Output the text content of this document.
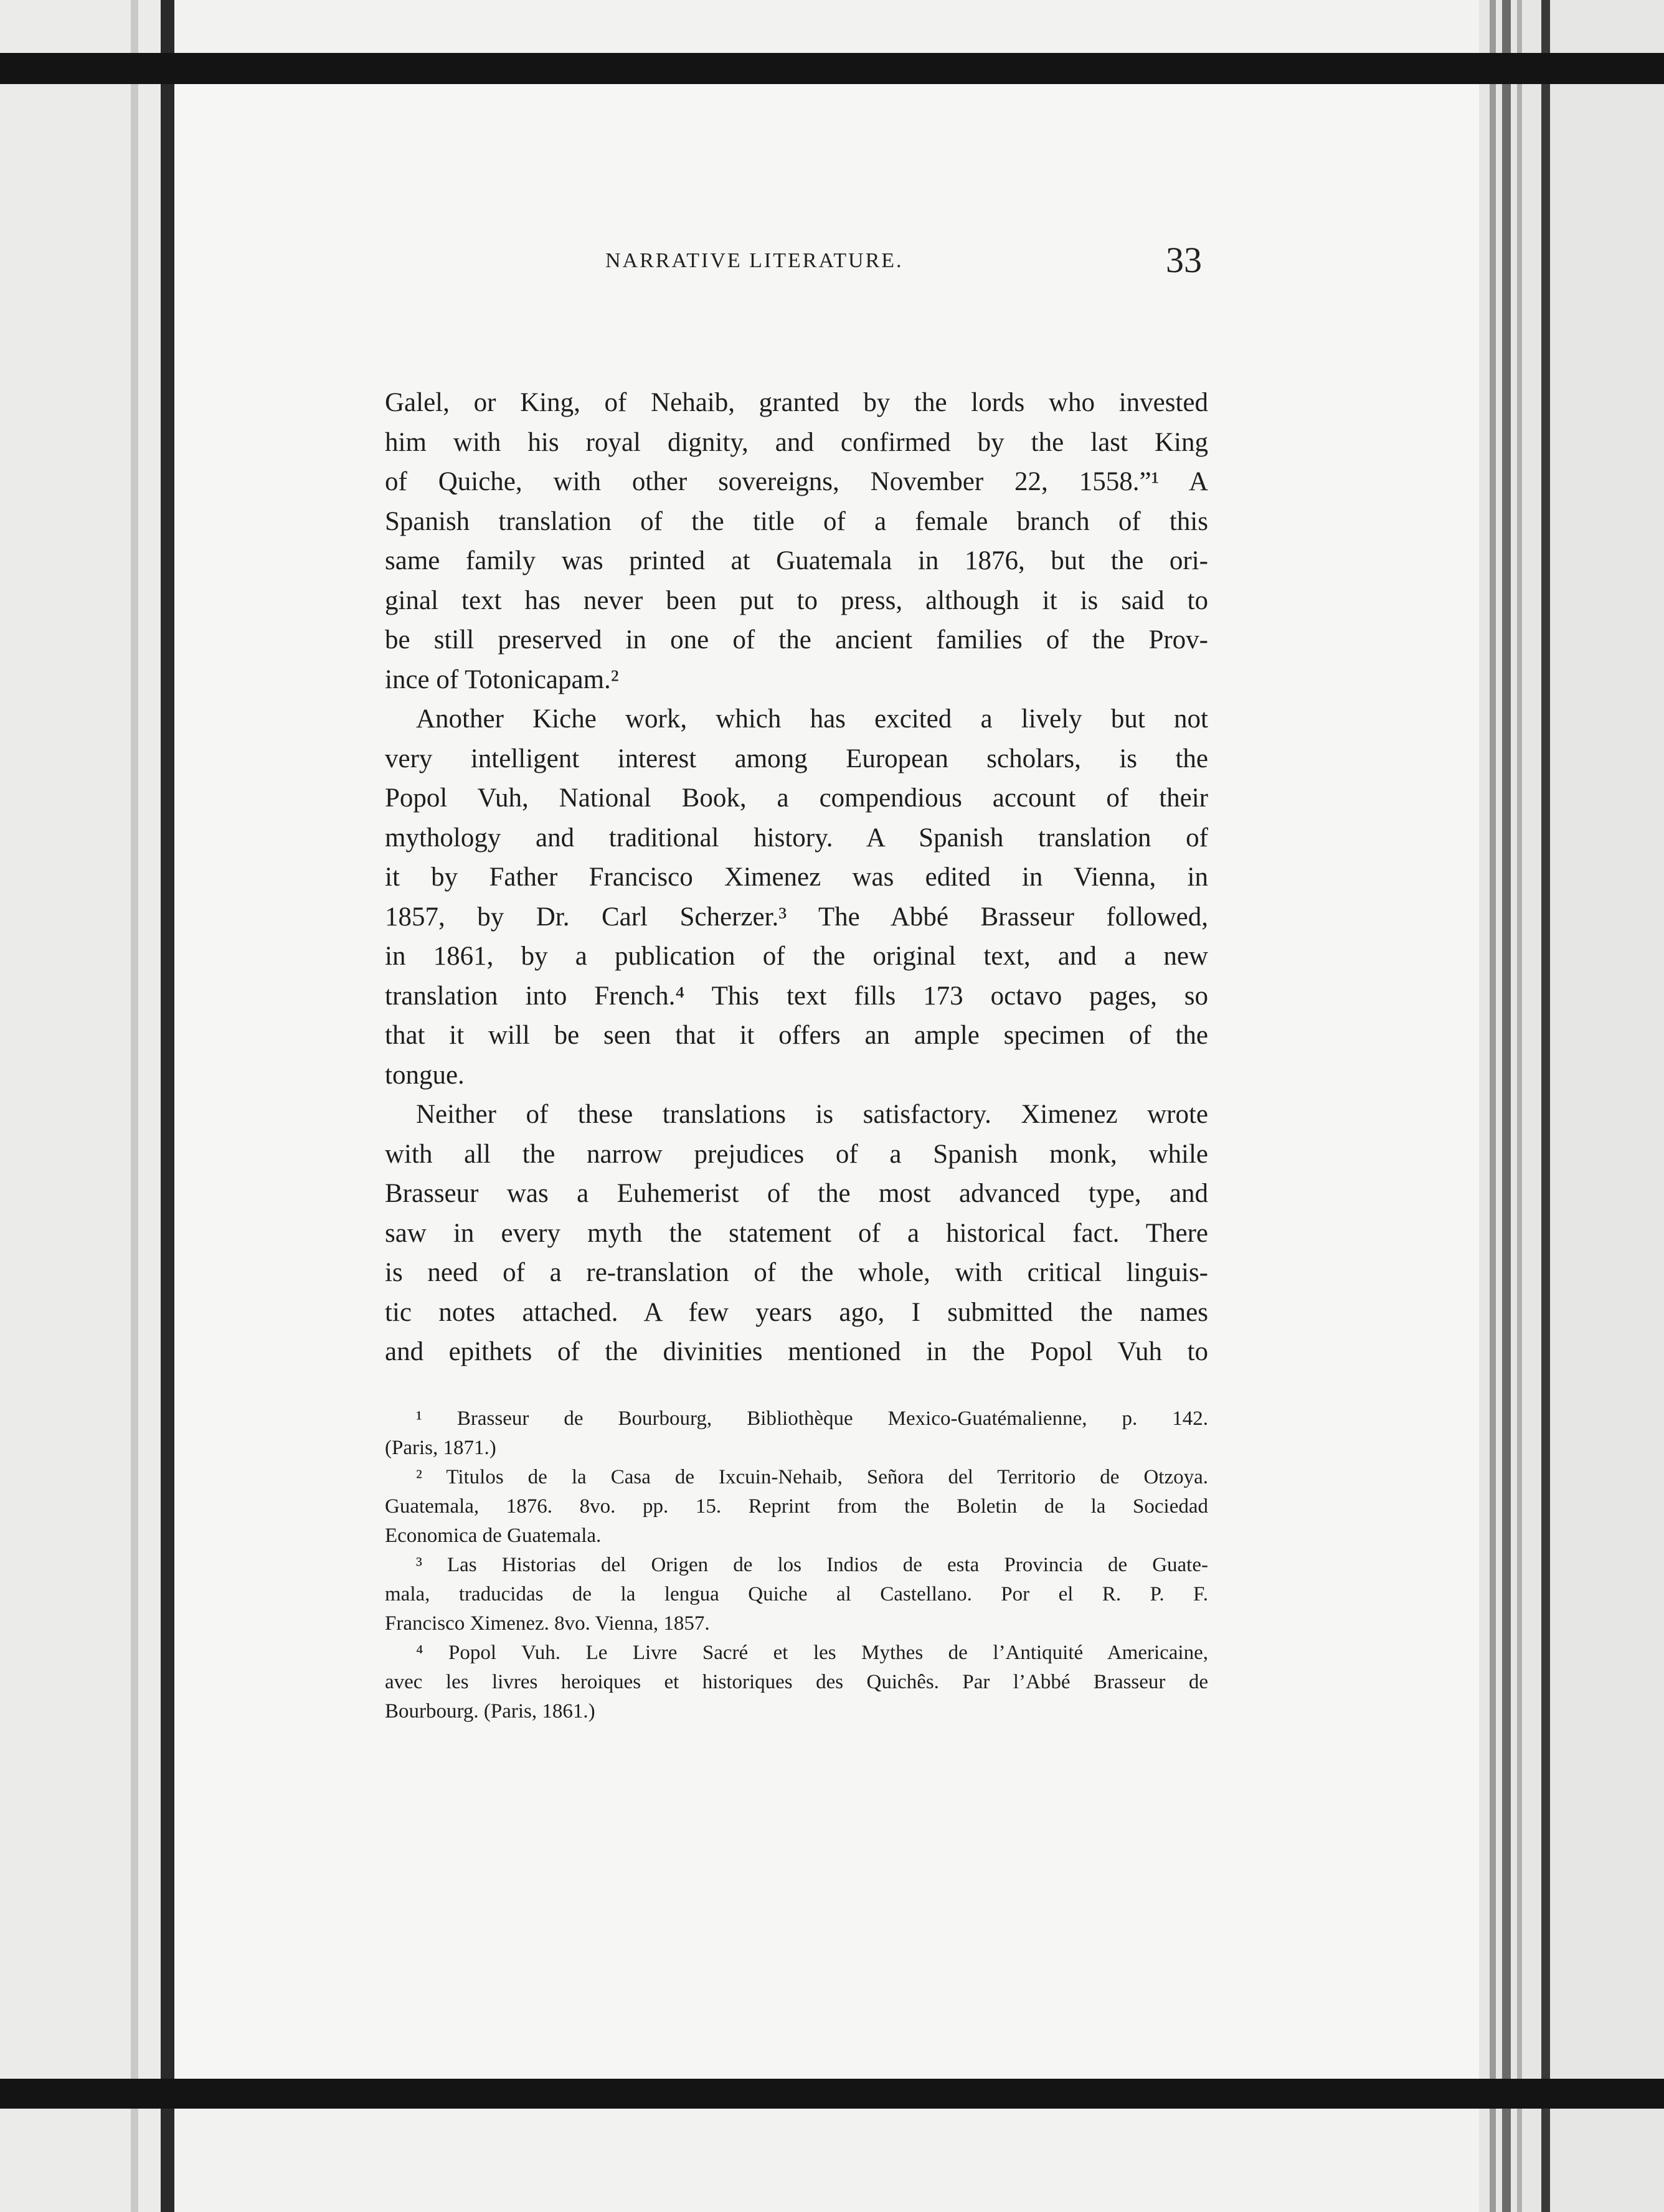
NARRATIVE LITERATURE.	33

Galel, or King, of Nehaib, granted by the lords who invested
him with his royal dignity, and confirmed by the last King
of Quiche, with other sovereigns, November 22, 1558.”¹ A
Spanish translation of the title of a female branch of this
same family was printed at Guatemala in 1876, but the ori-
ginal text has never been put to press, although it is said to
be still preserved in one of the ancient families of the Prov-
ince of Totonicapam.²

Another Kiche work, which has excited a lively but not
very intelligent interest among European scholars, is the
Popol Vuh, National Book, a compendious account of their
mythology and traditional history. A Spanish translation of
it by Father Francisco Ximenez was edited in Vienna, in
1857, by Dr. Carl Scherzer.³ The Abbé Brasseur followed,
in 1861, by a publication of the original text, and a new
translation into French.⁴ This text fills 173 octavo pages, so
that it will be seen that it offers an ample specimen of the
tongue.

Neither of these translations is satisfactory. Ximenez wrote
with all the narrow prejudices of a Spanish monk, while
Brasseur was a Euhemerist of the most advanced type, and
saw in every myth the statement of a historical fact. There
is need of a re-translation of the whole, with critical linguis-
tic notes attached. A few years ago, I submitted the names
and epithets of the divinities mentioned in the Popol Vuh to

¹ Brasseur de Bourbourg, Bibliothèque Mexico-Guatémalienne, p. 142.
(Paris, 1871.)
² Titulos de la Casa de Ixcuin-Nehaib, Señora del Territorio de Otzoya.
Guatemala, 1876. 8vo. pp. 15. Reprint from the Boletin de la Sociedad
Economica de Guatemala.
³ Las Historias del Origen de los Indios de esta Provincia de Guate-
mala, traducidas de la lengua Quiche al Castellano. Por el R. P. F.
Francisco Ximenez. 8vo. Vienna, 1857.
⁴ Popol Vuh. Le Livre Sacré et les Mythes de l’Antiquité Americaine,
avec les livres heroiques et historiques des Quichês. Par l’Abbé Brasseur de
Bourbourg. (Paris, 1861.)
